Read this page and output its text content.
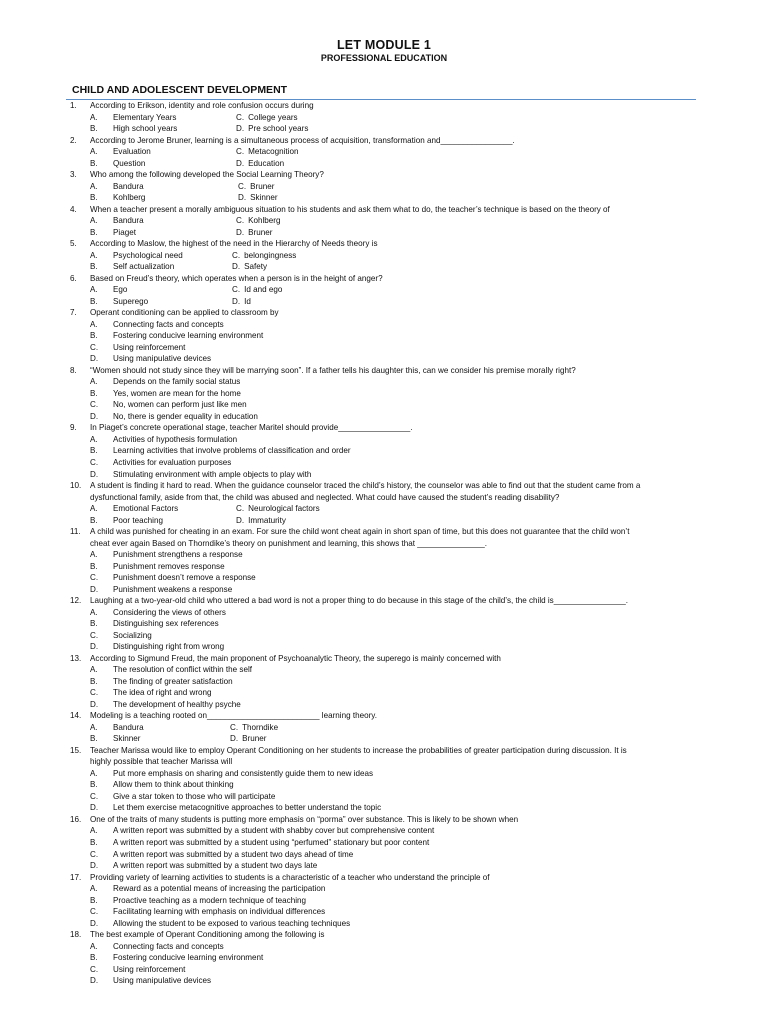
LET MODULE 1
PROFESSIONAL EDUCATION
CHILD AND ADOLESCENT DEVELOPMENT
1. According to Erikson, identity and role confusion occurs during
A. Elementary Years	C. College years
B. High school years	D. Pre school years
2. According to Jerome Bruner, learning is a simultaneous process of acquisition, transformation and________________.
A. Evaluation	C. Metacognition
B. Question	D. Education
3. Who among the following developed the Social Learning Theory?
A. Bandura	C. Bruner
B. Kohlberg	D. Skinner
4. When a teacher present a morally ambiguous situation to his students and ask them what to do, the teacher’s technique is based on the theory of
A. Bandura	C. Kohlberg
B. Piaget	D. Bruner
5. According to Maslow, the highest of the need in the Hierarchy of Needs theory is
A. Psychological need	C. belongingness
B. Self actualization	D. Safety
6. Based on Freud’s theory, which operates when a person is in the height of anger?
A. Ego	C. Id and ego
B. Superego	D. Id
7. Operant conditioning can be applied to classroom by
A. Connecting facts and concepts
B. Fostering conducive learning environment
C. Using reinforcement
D. Using manipulative devices
8. “Women should not study since they will be marrying soon”. If a father tells his daughter this, can we consider his premise morally right?
A. Depends on the family social status
B. Yes, women are mean for the home
C. No, women can perform just like men
D. No, there is gender equality in education
9. In Piaget’s concrete operational stage, teacher Maritel should provide________________.
A. Activities of hypothesis formulation
B. Learning activities that involve problems of classification and order
C. Activities for evaluation purposes
D. Stimulating environment with ample objects to play with
10. A student is finding it hard to read. When the guidance counselor traced the child’s history, the counselor was able to find out that the student came from a
dysfunctional family, aside from that, the child was abused and neglected. What could have caused the student’s reading disability?
A. Emotional Factors	C. Neurological factors
B. Poor teaching	D. Immaturity
11. A child was punished for cheating in an exam. For sure the child wont cheat again in short span of time, but this does not guarantee that the child won’t
cheat ever again Based on Thorndike’s theory on punishment and learning, this shows that _______________.
A. Punishment strengthens a response
B. Punishment removes response
C. Punishment doesn’t remove a response
D. Punishment weakens a response
12. Laughing at a two-year-old child who uttered a bad word is not a proper thing to do because in this stage of the child’s, the child is________________.
A. Considering the views of others
B. Distinguishing sex references
C. Socializing
D. Distinguishing right from wrong
13. According to Sigmund Freud, the main proponent of Psychoanalytic Theory, the superego is mainly concerned with
A. The resolution of conflict within the self
B. The finding of greater satisfaction
C. The idea of right and wrong
D. The development of healthy psyche
14. Modeling is a teaching rooted on_________________________ learning theory.
A. Bandura	C. Thorndike
B. Skinner	D. Bruner
15. Teacher Marissa would like to employ Operant Conditioning on her students to increase the probabilities of greater participation during discussion. It is
highly possible that teacher Marissa will
A. Put more emphasis on sharing and consistently guide them to new ideas
B. Allow them to think about thinking
C. Give a star token to those who will participate
D. Let them exercise metacognitive approaches to better understand the topic
16. One of the traits of many students is putting more emphasis on “porma” over substance. This is likely to be shown when
A. A written report was submitted by a student with shabby cover but comprehensive content
B. A written report was submitted by a student using “perfumed” stationary but poor content
C. A written report was submitted by a student two days ahead of time
D. A written report was submitted by a student two days late
17. Providing variety of learning activities to students is a characteristic of a teacher who understand the principle of
A. Reward as a potential means of increasing the participation
B. Proactive teaching as a modern technique of teaching
C. Facilitating learning with emphasis on individual differences
D. Allowing the student to be exposed to various teaching techniques
18. The best example of Operant Conditioning among the following is
A. Connecting facts and concepts
B. Fostering conducive learning environment
C. Using reinforcement
D. Using manipulative devices
